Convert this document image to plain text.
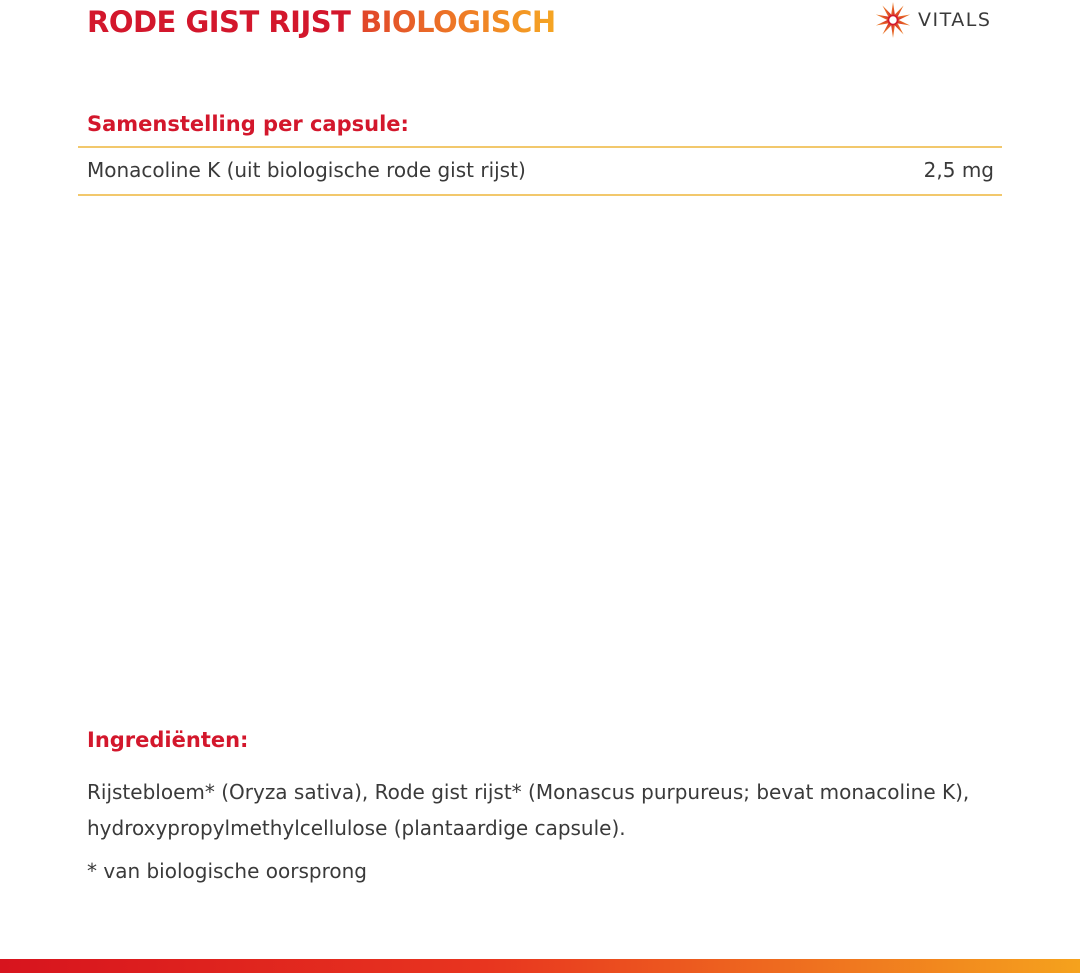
RODE GIST RIJST BIOLOGISCH	VITALS
Samenstelling per capsule:
Monacoline K (uit biologische rode gist rijst)	2,5 mg
Ingrediënten:

Rijstebloem* (Oryza sativa), Rode gist rijst* (Monascus purpureus; bevat monacoline K), hydroxypropylmethylcellulose (plantaardige capsule).

* van biologische oorsprong
